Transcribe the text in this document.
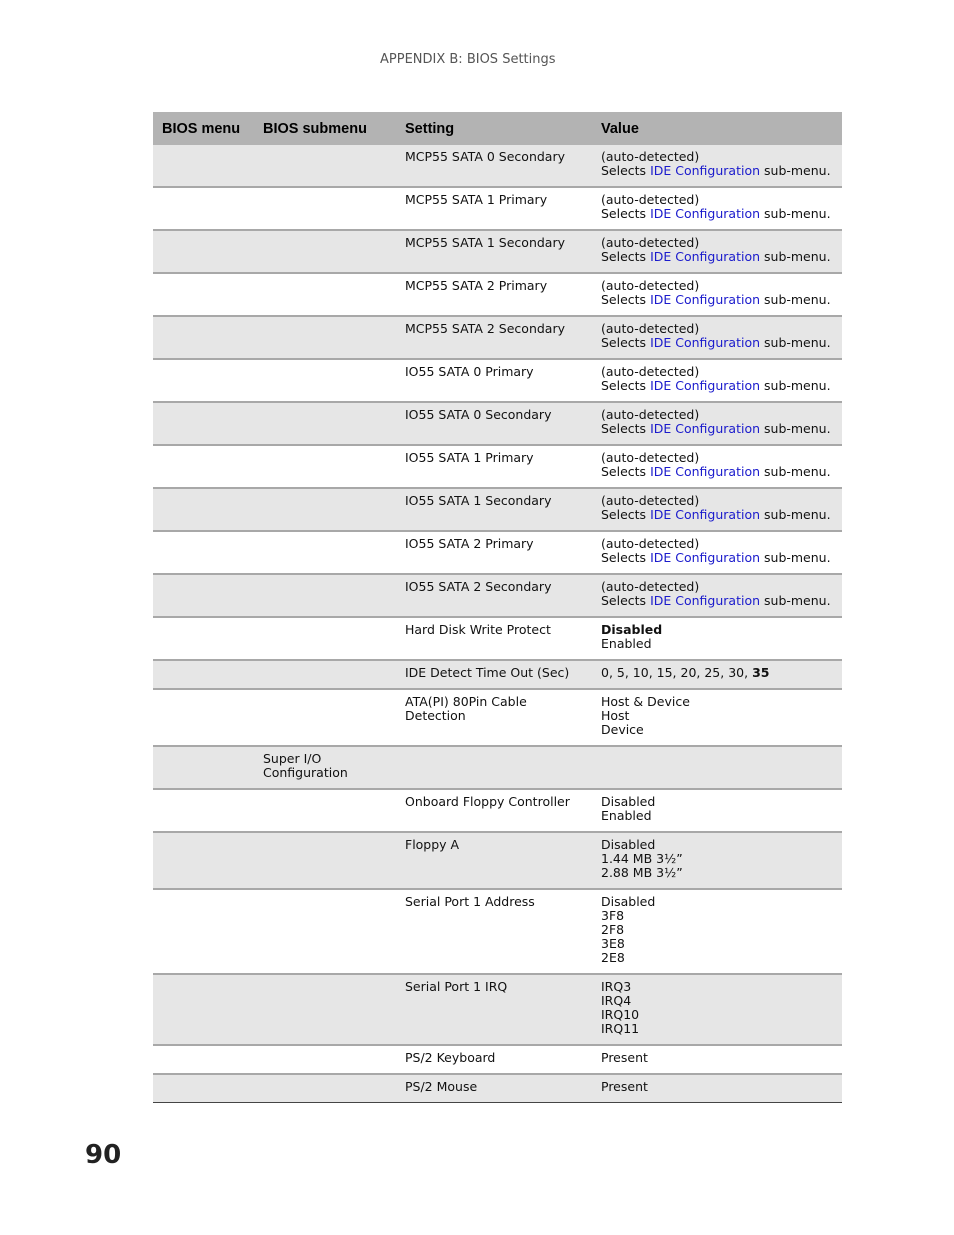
APPENDIX B: BIOS Settings
BIOS menu	BIOS submenu	Setting	Value
		MCP55 SATA 0 Secondary	(auto-detected)
Selects IDE Configuration sub-menu.

		MCP55 SATA 1 Primary	(auto-detected)
Selects IDE Configuration sub-menu.

		MCP55 SATA 1 Secondary	(auto-detected)
Selects IDE Configuration sub-menu.

		MCP55 SATA 2 Primary	(auto-detected)
Selects IDE Configuration sub-menu.

		MCP55 SATA 2 Secondary	(auto-detected)
Selects IDE Configuration sub-menu.

		IO55 SATA 0 Primary	(auto-detected)
Selects IDE Configuration sub-menu.

		IO55 SATA 0 Secondary	(auto-detected)
Selects IDE Configuration sub-menu.

		IO55 SATA 1 Primary	(auto-detected)
Selects IDE Configuration sub-menu.

		IO55 SATA 1 Secondary	(auto-detected)
Selects IDE Configuration sub-menu.

		IO55 SATA 2 Primary	(auto-detected)
Selects IDE Configuration sub-menu.

		IO55 SATA 2 Secondary	(auto-detected)
Selects IDE Configuration sub-menu.

		Hard Disk Write Protect	Disabled
Enabled

		IDE Detect Time Out (Sec)	0, 5, 10, 15, 20, 25, 30, 35

		ATA(PI) 80Pin Cable Detection	Host & Device
Host
Device

	Super I/O Configuration		
		Onboard Floppy Controller	Disabled
Enabled

		Floppy A	Disabled
1.44 MB 3½”
2.88 MB 3½”

		Serial Port 1 Address	Disabled
3F8
2F8
3E8
2E8

		Serial Port 1 IRQ	IRQ3
IRQ4
IRQ10
IRQ11

		PS/2 Keyboard	Present

		PS/2 Mouse	Present
90
